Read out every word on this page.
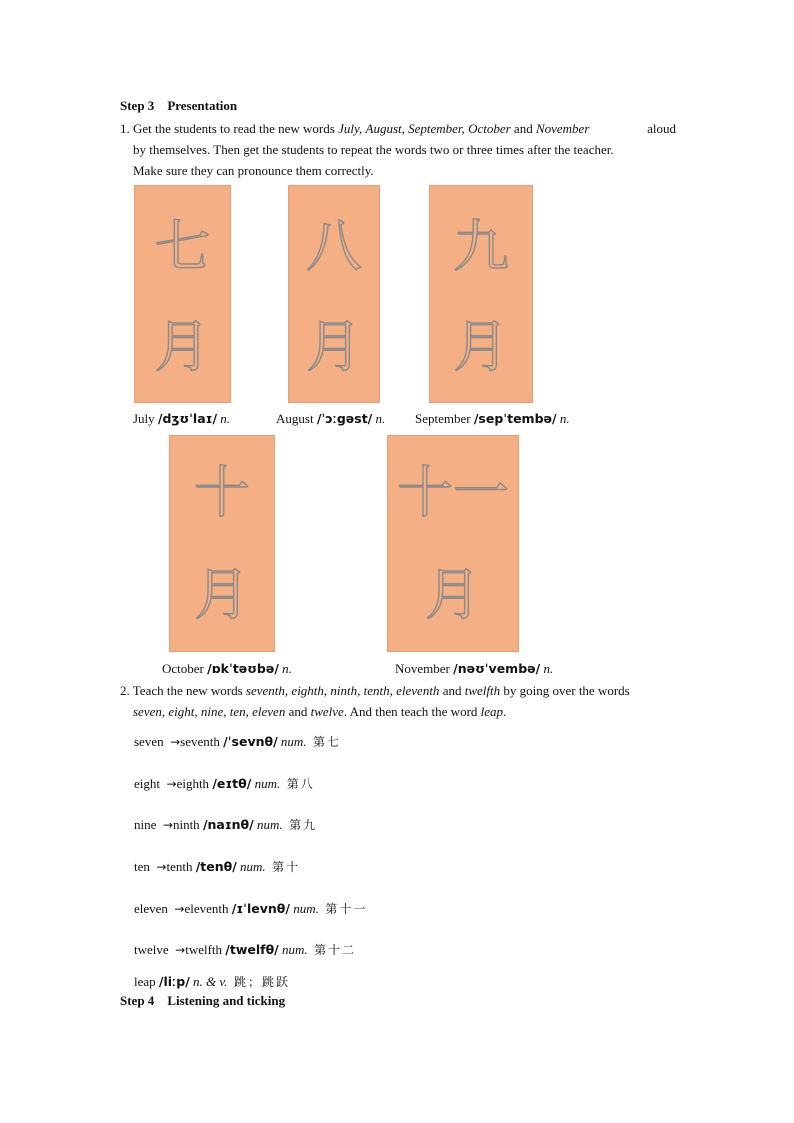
Step 3 Presentation
1. Get the students to read the new words July, August, September, October and November	aloud
by themselves. Then get the students to repeat the words two or three times after the teacher.
Make sure they can pronounce them correctly.
七
月
八
月
九
月
July /dʒʊˈlaɪ/ n.	August /ˈɔːgəst/ n. September /sepˈtembə/ n.
十
月
十一
月
October /ɒkˈtəʊbə/ n.	November /nəʊˈvembə/ n.
2. Teach the new words seventh, eighth, ninth, tenth, eleventh and twelfth by going over the words
seven, eight, nine, ten, eleven and twelve. And then teach the word leap.
seven →seventh /ˈsevnθ/ num. 第七
eight →eighth /eɪtθ/ num. 第八
nine →ninth /naɪnθ/ num. 第九
ten →tenth /tenθ/ num. 第十
eleven →eleventh /ɪˈlevnθ/ num. 第十一
twelve →twelfth /twelfθ/ num. 第十二
leap /liːp/ n. & v. 跳；跳跃
Step 4 Listening and ticking
